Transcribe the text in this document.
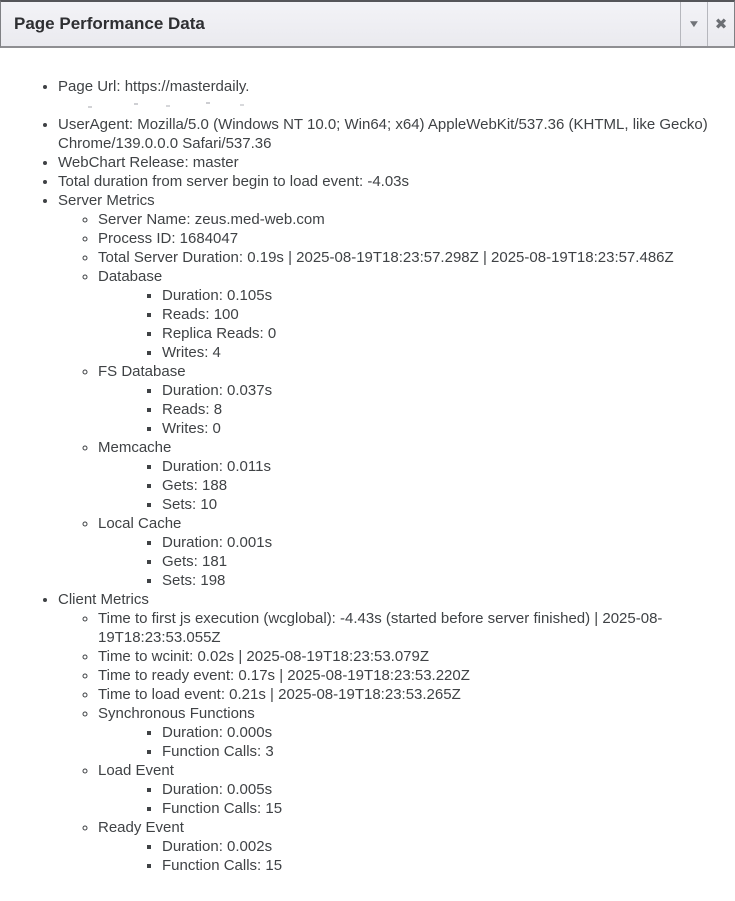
Page Performance Data	▼ ✖
• Page Url: https://masterdaily.
• UserAgent: Mozilla/5.0 (Windows NT 10.0; Win64; x64) AppleWebKit/537.36 (KHTML, like Gecko) Chrome/139.0.0.0 Safari/537.36
• WebChart Release: master
• Total duration from server begin to load event: -4.03s
• Server Metrics
◦ Server Name: zeus.med-web.com
◦ Process ID: 1684047
◦ Total Server Duration: 0.19s | 2025-08-19T18:23:57.298Z | 2025-08-19T18:23:57.486Z
◦ Database
▪ Duration: 0.105s
▪ Reads: 100
▪ Replica Reads: 0
▪ Writes: 4
◦ FS Database
▪ Duration: 0.037s
▪ Reads: 8
▪ Writes: 0
◦ Memcache
▪ Duration: 0.011s
▪ Gets: 188
▪ Sets: 10
◦ Local Cache
▪ Duration: 0.001s
▪ Gets: 181
▪ Sets: 198
• Client Metrics
◦ Time to first js execution (wcglobal): -4.43s (started before server finished) | 2025-08-19T18:23:53.055Z
◦ Time to wcinit: 0.02s | 2025-08-19T18:23:53.079Z
◦ Time to ready event: 0.17s | 2025-08-19T18:23:53.220Z
◦ Time to load event: 0.21s | 2025-08-19T18:23:53.265Z
◦ Synchronous Functions
▪ Duration: 0.000s
▪ Function Calls: 3
◦ Load Event
▪ Duration: 0.005s
▪ Function Calls: 15
◦ Ready Event
▪ Duration: 0.002s
▪ Function Calls: 15
